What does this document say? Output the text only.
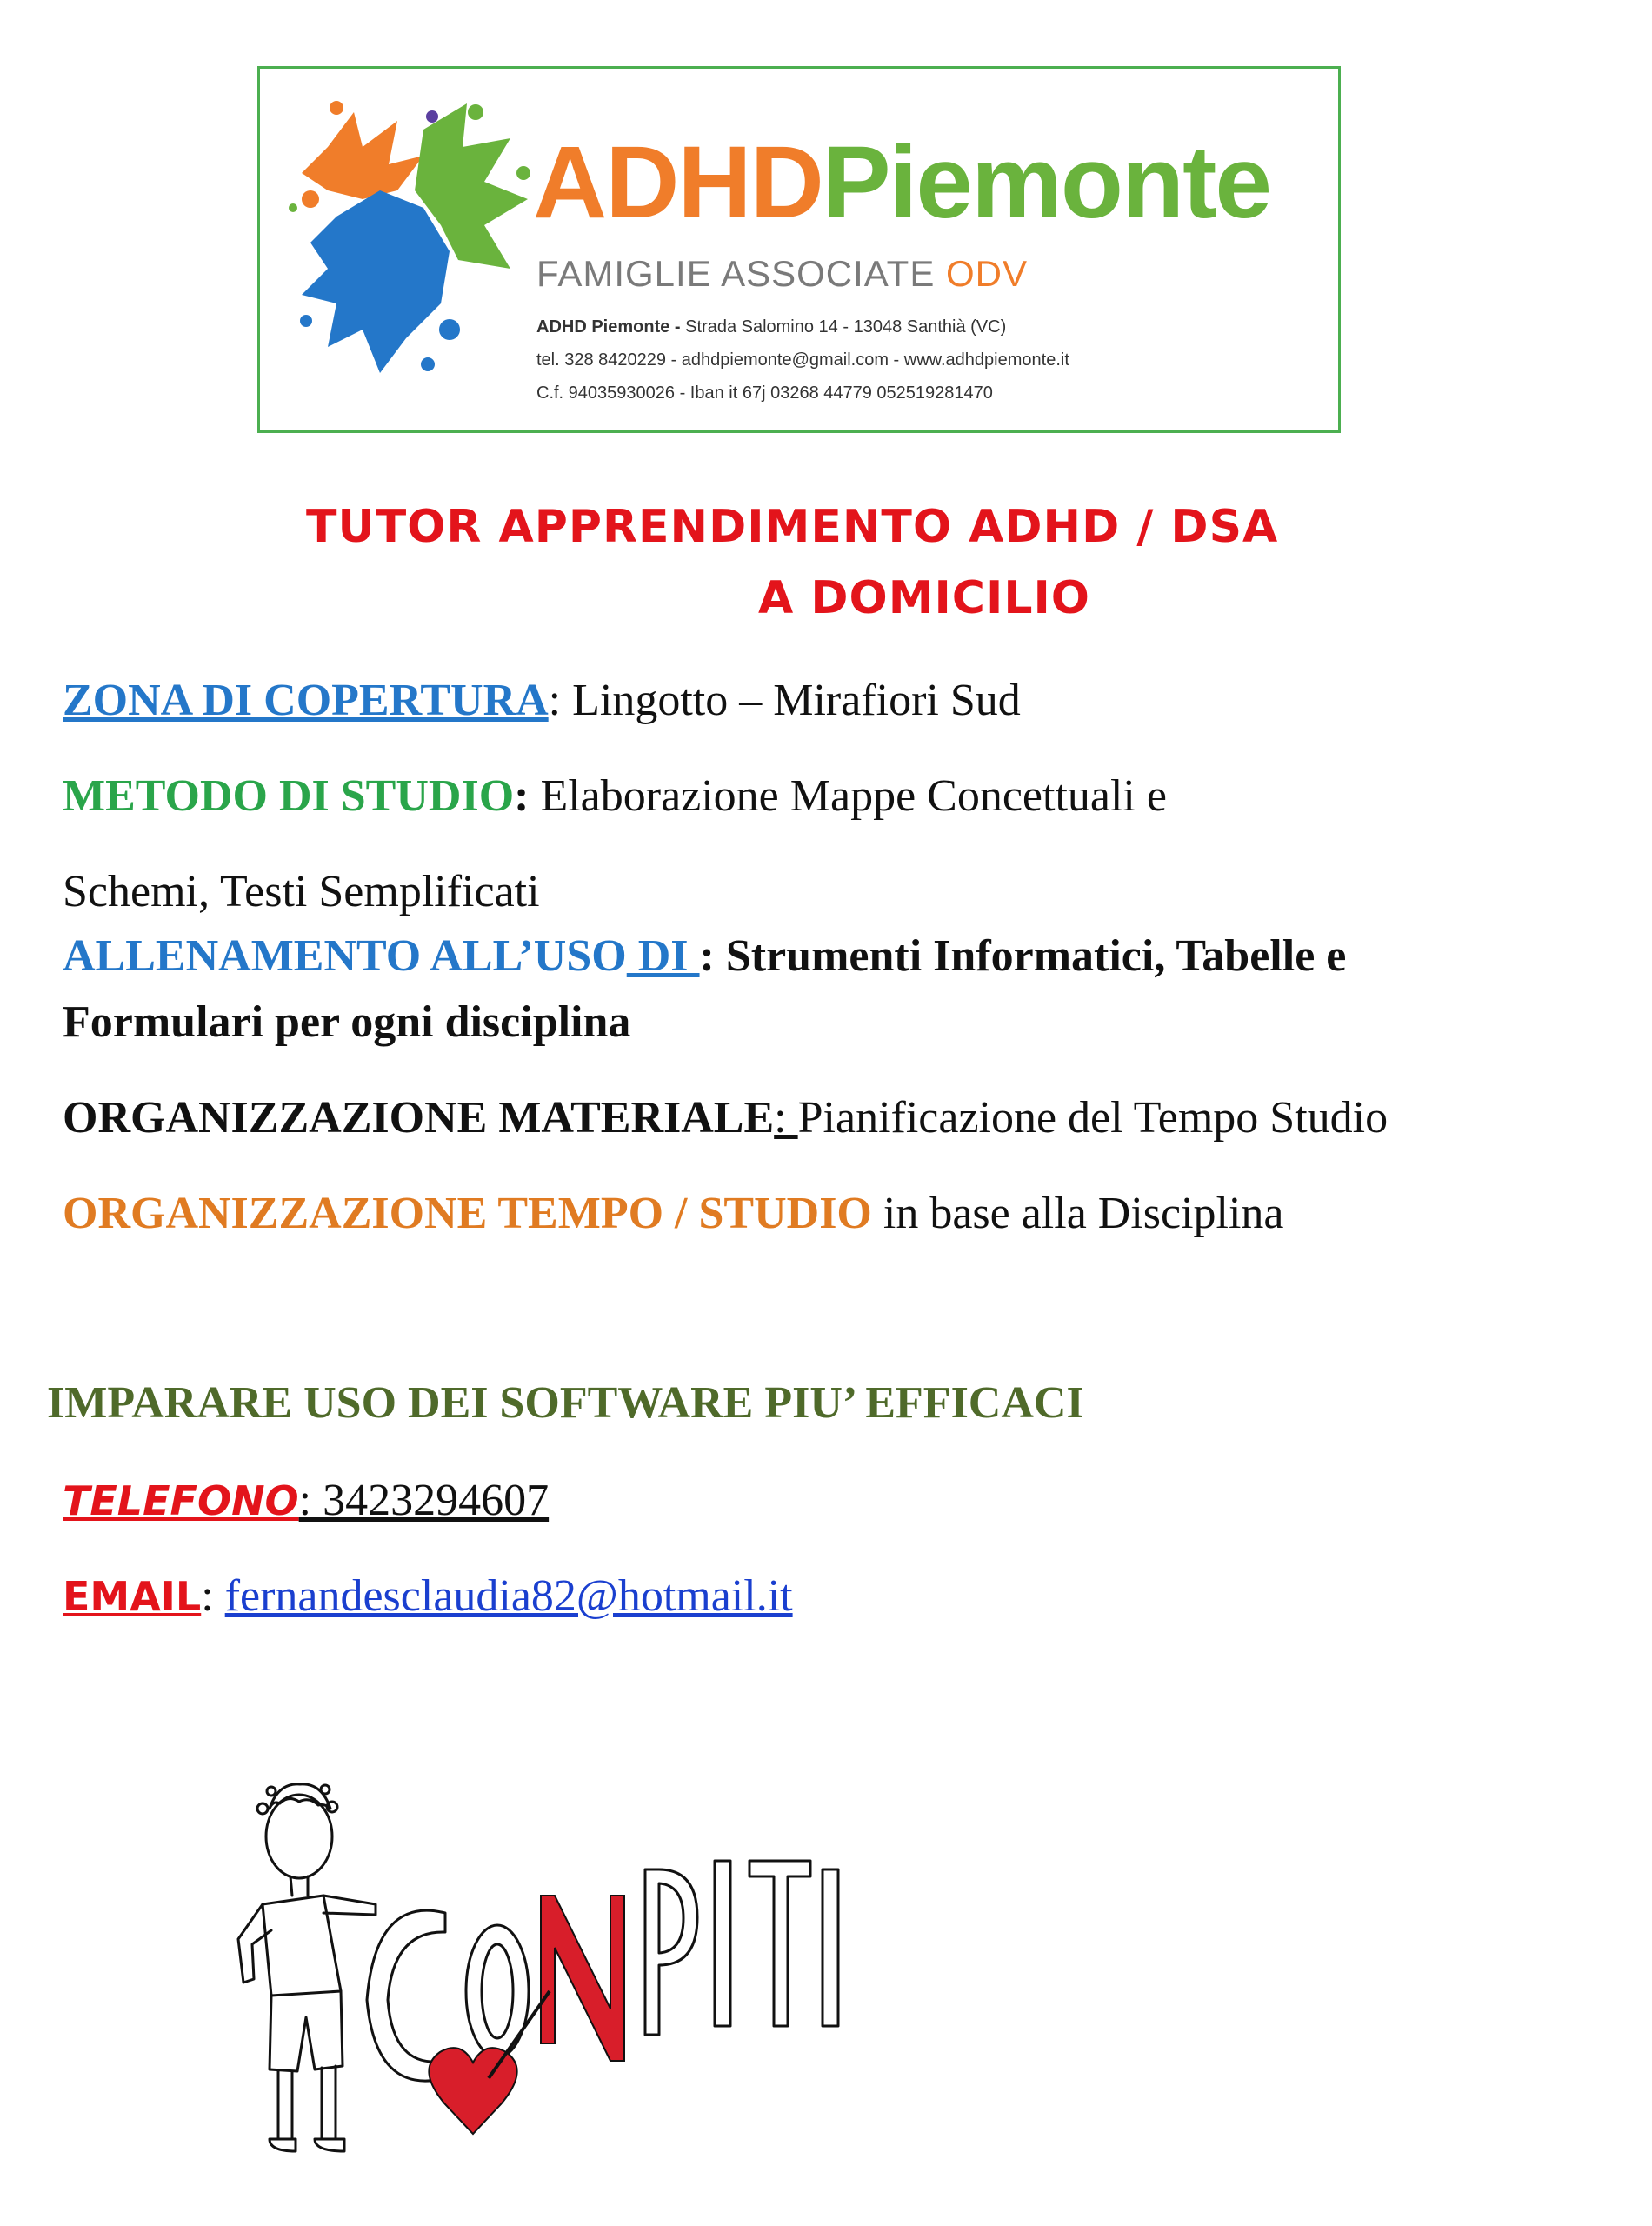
ADHDPiemonte
FAMIGLIE ASSOCIATE ODV
ADHD Piemonte - Strada Salomino 14 - 13048 Santhià (VC)
tel. 328 8420229 - adhdpiemonte@gmail.com - www.adhdpiemonte.it
C.f. 94035930026 - Iban it 67j 03268 44779 052519281470
TUTOR APPRENDIMENTO ADHD / DSA
A DOMICILIO
ZONA DI COPERTURA: Lingotto – Mirafiori Sud
METODO DI STUDIO: Elaborazione Mappe Concettuali e
Schemi, Testi Semplificati
ALLENAMENTO ALL’USO DI : Strumenti Informatici, Tabelle e
Formulari per ogni disciplina
ORGANIZZAZIONE MATERIALE: Pianificazione del Tempo Studio
ORGANIZZAZIONE TEMPO / STUDIO in base alla Disciplina
IMPARARE USO DEI SOFTWARE PIU’ EFFICACI
TELEFONO: 3423294607
EMAIL: fernandesclaudia82@hotmail.it
